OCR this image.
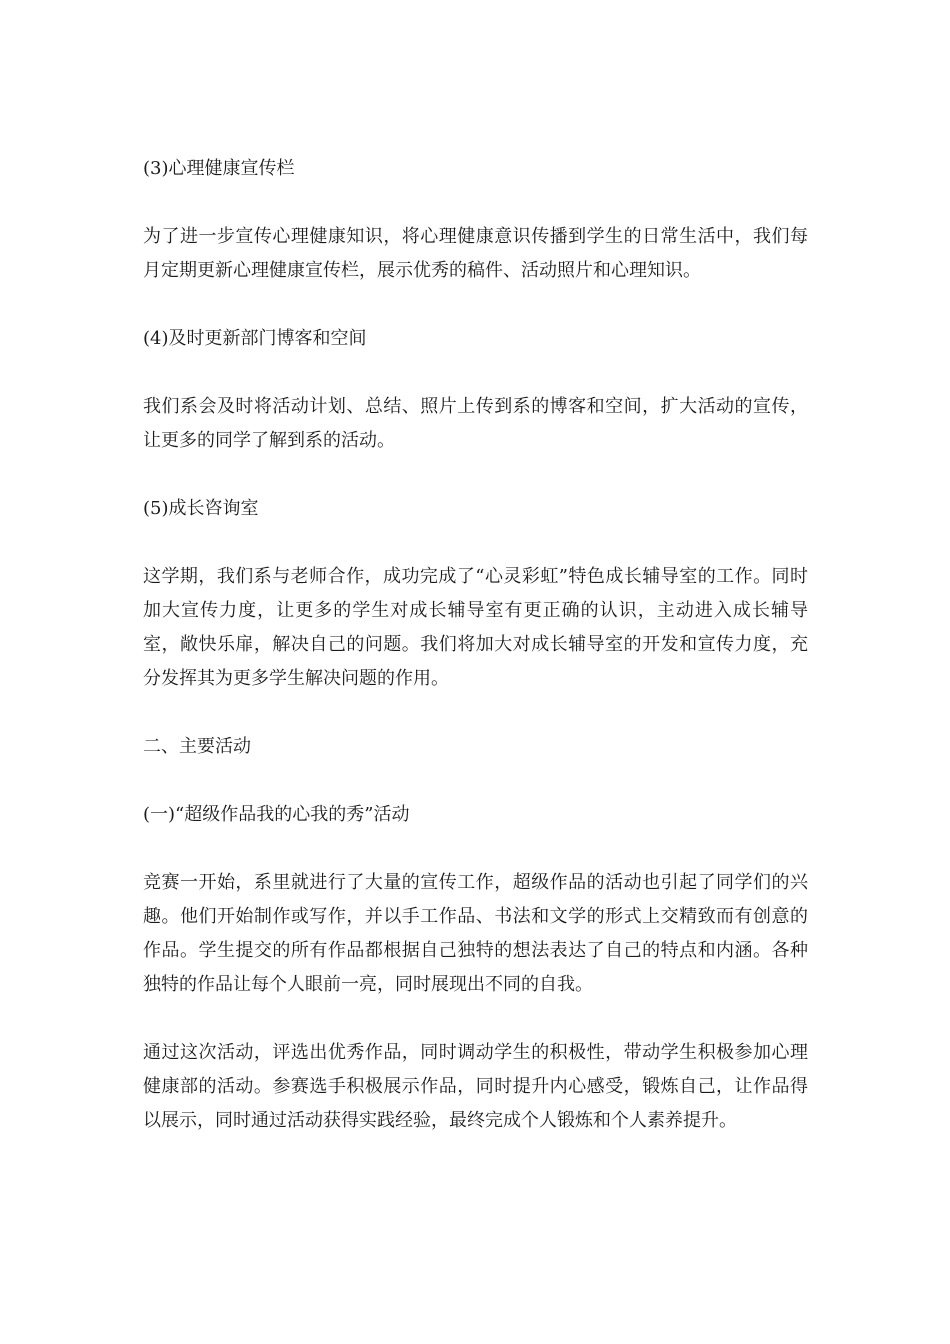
(3)心理健康宣传栏

为了进一步宣传心理健康知识，将心理健康意识传播到学生的日常生活中，我们每月定期更新心理健康宣传栏，展示优秀的稿件、活动照片和心理知识。

(4)及时更新部门博客和空间

我们系会及时将活动计划、总结、照片上传到系的博客和空间，扩大活动的宣传，让更多的同学了解到系的活动。

(5)成长咨询室

这学期，我们系与老师合作，成功完成了“心灵彩虹”特色成长辅导室的工作。同时加大宣传力度，让更多的学生对成长辅导室有更正确的认识，主动进入成长辅导室，敞快乐扉，解决自己的问题。我们将加大对成长辅导室的开发和宣传力度，充分发挥其为更多学生解决问题的作用。

二、主要活动

(一)“超级作品我的心我的秀”活动

竞赛一开始，系里就进行了大量的宣传工作，超级作品的活动也引起了同学们的兴趣。他们开始制作或写作，并以手工作品、书法和文学的形式上交精致而有创意的作品。学生提交的所有作品都根据自己独特的想法表达了自己的特点和内涵。各种独特的作品让每个人眼前一亮，同时展现出不同的自我。

通过这次活动，评选出优秀作品，同时调动学生的积极性，带动学生积极参加心理健康部的活动。参赛选手积极展示作品，同时提升内心感受，锻炼自己，让作品得以展示，同时通过活动获得实践经验，最终完成个人锻炼和个人素养提升。
